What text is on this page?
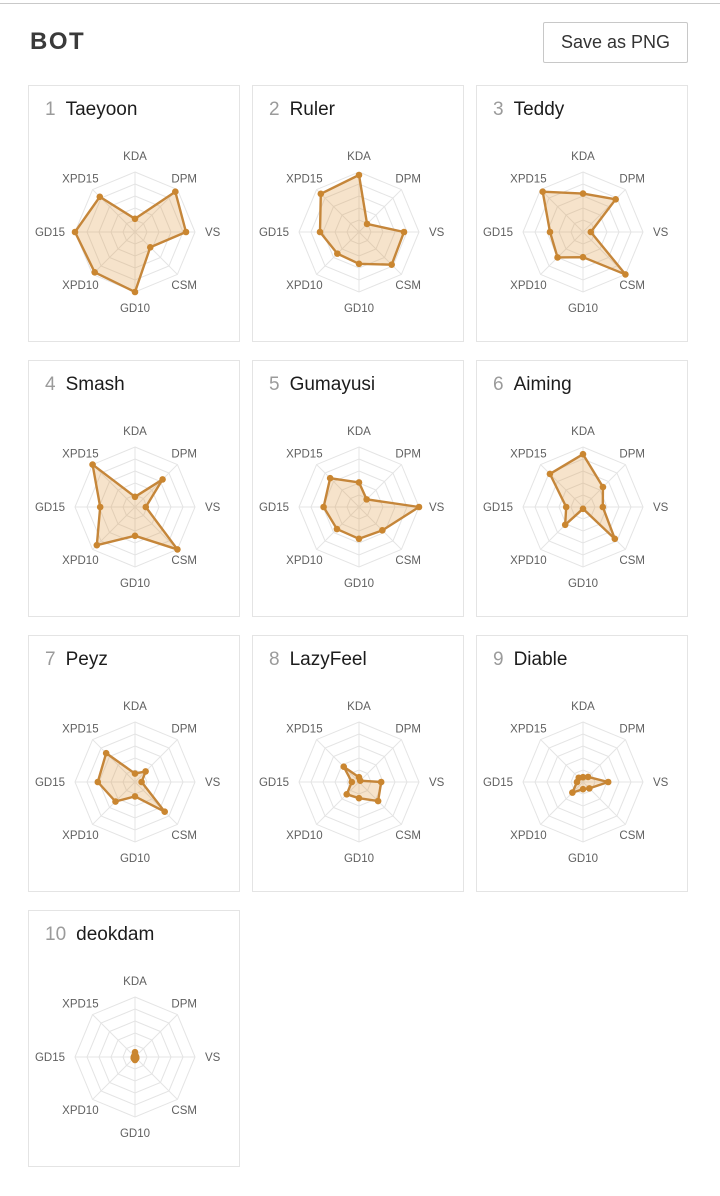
BOT	Save as PNG
1 Taeyoon
KDA
DPM
VS
CSM
GD10
XPD10
GD15
XPD15
2 Ruler
KDA
DPM
VS
CSM
GD10
XPD10
GD15
XPD15
3 Teddy
KDA
DPM
VS
CSM
GD10
XPD10
GD15
XPD15
4 Smash
KDA
DPM
VS
CSM
GD10
XPD10
GD15
XPD15
5 Gumayusi
KDA
DPM
VS
CSM
GD10
XPD10
GD15
XPD15
6 Aiming
KDA
DPM
VS
CSM
GD10
XPD10
GD15
XPD15
7 Peyz
KDA
DPM
VS
CSM
GD10
XPD10
GD15
XPD15
8 LazyFeel
KDA
DPM
VS
CSM
GD10
XPD10
GD15
XPD15
9 Diable
KDA
DPM
VS
CSM
GD10
XPD10
GD15
XPD15
10 deokdam
KDA
DPM
VS
CSM
GD10
XPD10
GD15
XPD15
